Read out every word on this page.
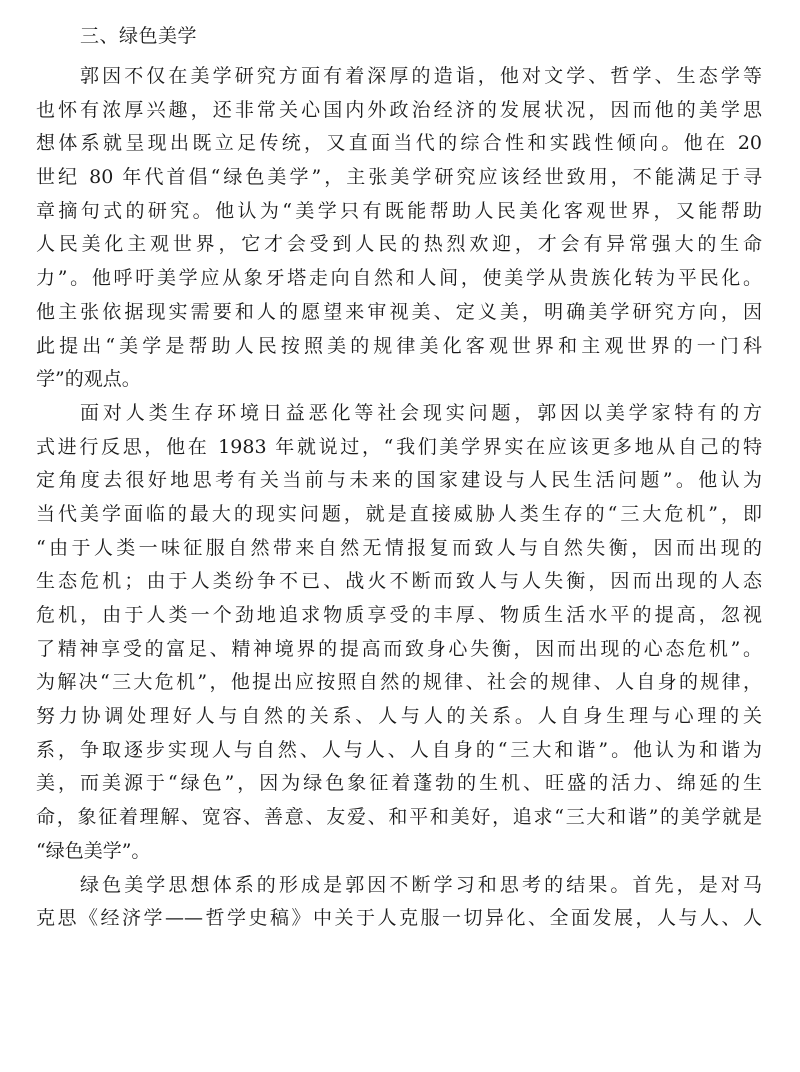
三、绿色美学
郭因不仅在美学研究方面有着深厚的造诣，他对文学、哲学、生态学等
也怀有浓厚兴趣，还非常关心国内外政治经济的发展状况，因而他的美学思
想体系就呈现出既立足传统，又直面当代的综合性和实践性倾向。他在 20
世纪 80 年代首倡“绿色美学”，主张美学研究应该经世致用，不能满足于寻
章摘句式的研究。他认为“美学只有既能帮助人民美化客观世界，又能帮助
人民美化主观世界，它才会受到人民的热烈欢迎，才会有异常强大的生命
力”。他呼吁美学应从象牙塔走向自然和人间，使美学从贵族化转为平民化。
他主张依据现实需要和人的愿望来审视美、定义美，明确美学研究方向，因
此提出“美学是帮助人民按照美的规律美化客观世界和主观世界的一门科
学”的观点。
面对人类生存环境日益恶化等社会现实问题，郭因以美学家特有的方
式进行反思，他在 1983 年就说过，“我们美学界实在应该更多地从自己的特
定角度去很好地思考有关当前与未来的国家建设与人民生活问题”。他认为
当代美学面临的最大的现实问题，就是直接威胁人类生存的“三大危机”，即
“由于人类一味征服自然带来自然无情报复而致人与自然失衡，因而出现的
生态危机；由于人类纷争不已、战火不断而致人与人失衡，因而出现的人态
危机，由于人类一个劲地追求物质享受的丰厚、物质生活水平的提高，忽视
了精神享受的富足、精神境界的提高而致身心失衡，因而出现的心态危机”。
为解决“三大危机”，他提出应按照自然的规律、社会的规律、人自身的规律，
努力协调处理好人与自然的关系、人与人的关系。人自身生理与心理的关
系，争取逐步实现人与自然、人与人、人自身的“三大和谐”。他认为和谐为
美，而美源于“绿色”，因为绿色象征着蓬勃的生机、旺盛的活力、绵延的生
命，象征着理解、宽容、善意、友爱、和平和美好，追求“三大和谐”的美学就是
“绿色美学”。
绿色美学思想体系的形成是郭因不断学习和思考的结果。首先，是对马
克思《经济学——哲学史稿》中关于人克服一切异化、全面发展，人与人、人
